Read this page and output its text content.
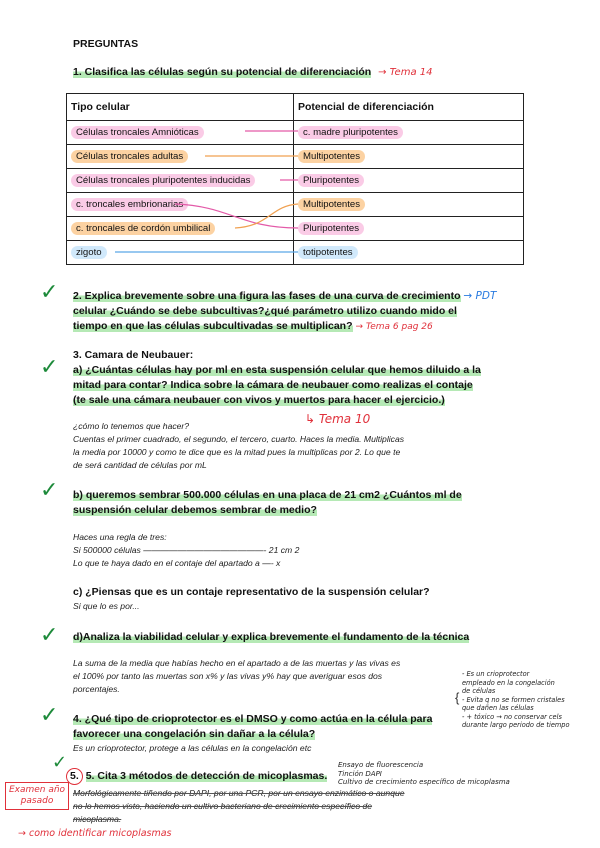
PREGUNTAS
1. Clasifica las células según su potencial de diferenciación → Tema 14
Tipo celular	Potencial de diferenciación
Células troncales Amnióticas	c. madre pluripotentes
Células troncales adultas	Multipotentes
Células troncales pluripotentes inducidas	Pluripotentes
c. troncales embrionarias	Multipotentes
c. troncales de cordón umbilical	Pluripotentes
zigoto	totipotentes
✓ 2. Explica brevemente sobre una figura las fases de una curva de crecimiento → PDT
celular ¿Cuándo se debe subcultivas?¿qué parámetro utilizo cuando mido el
tiempo en que las células subcultivadas se multiplican? → Tema 6 pag 26
✓ 3. Camara de Neubauer:
a) ¿Cuántas células hay por ml en esta suspensión celular que hemos diluido a la
mitad para contar? Indica sobre la cámara de neubauer como realizas el contaje
(te sale una cámara neubauer con vivos y muertos para hacer el ejercicio.)
↳ Tema 10
¿cómo lo tenemos que hacer?
Cuentas el primer cuadrado, el segundo, el tercero, cuarto. Haces la media. Multiplicas
la media por 10000 y como te dice que es la mitad pues la multiplicas por 2. Lo que te
de será cantidad de células por mL
✓ b) queremos sembrar 500.000 células en una placa de 21 cm2 ¿Cuántos ml de
suspensión celular debemos sembrar de medio?
Haces una regla de tres:
Si 500000 células ——————————————- 21 cm 2
Lo que te haya dado en el contaje del apartado a —- x
c) ¿Piensas que es un contaje representativo de la suspensión celular?
Si que lo es por...
✓ d)Analiza la viabilidad celular y explica brevemente el fundamento de la técnica
La suma de la media que habías hecho en el apartado a de las muertas y las vivas es
el 100% por tanto las muertas son x% y las vivas y% hay que averiguar esos dos
porcentajes.
✓ 4. ¿Qué tipo de crioprotector es el DMSO y como actúa en la célula para
favorecer una congelación sin dañar a la célula?
Es un crioprotector, protege a las células en la congelación etc
{
- Es un crioprotector
empleado en la congelación
de células
- Evita q no se formen cristales
que dañen las células
- + tóxico → no conservar cels
durante largo periodo de tiempo
✓
5. 5. Cita 3 métodos de detección de micoplasmas.
Ensayo de fluorescencia
Tinción DAPI
Cultivo de crecimiento específico de micoplasma
Morfológicamente tiñendo por DAPI, por una PCR, por un ensayo enzimático o aunque
no lo hemos visto, haciendo un cultivo bacteriano de crecimiento específico de
micoplasma.
Examen año pasado
→ como identificar micoplasmas
